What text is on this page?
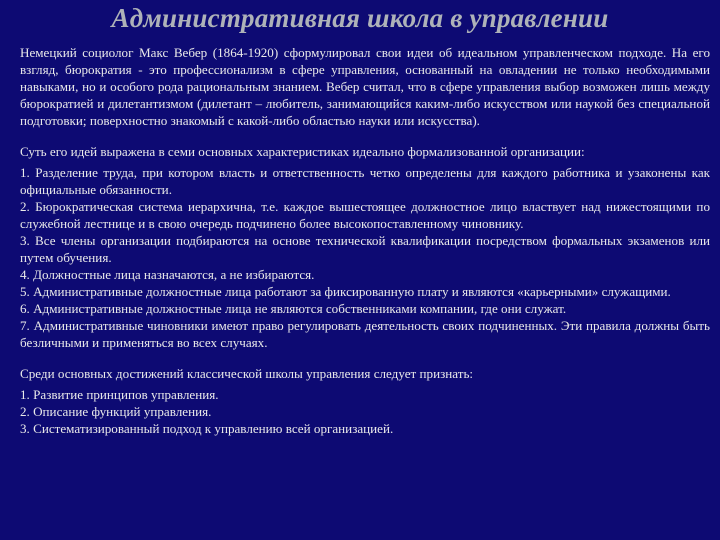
Административная школа в управлении

Немецкий социолог Макс Вебер (1864-1920) сформулировал свои идеи об идеальном управленческом подходе. На его взгляд, бюрократия - это профессионализм в сфере управления, основанный на овладении не только необходимыми навыками, но и особого рода рациональным знанием. Вебер считал, что в сфере управления выбор возможен лишь между бюрократией и дилетантизмом (дилетант – любитель, занимающийся каким-либо искусством или наукой без специальной подготовки; поверхностно знакомый с какой-либо областью науки или искусства).

Суть его идей выражена в семи основных характеристиках идеально формализованной организации:

1. Разделение труда, при котором власть и ответственность четко определены для каждого работника и узаконены как официальные обязанности.

2. Бюрократическая система иерархична, т.е. каждое вышестоящее должностное лицо властвует над нижестоящими по служебной лестнице и в свою очередь подчинено более высокопоставленному чиновнику.

3. Все члены организации подбираются на основе технической квалификации посредством формальных экзаменов или путем обучения.

4. Должностные лица назначаются, а не избираются.

5. Административные должностные лица работают за фиксированную плату и являются «карьерными» служащими.

6. Административные должностные лица не являются собственниками компании, где они служат.

7. Административные чиновники имеют право регулировать деятельность своих подчиненных. Эти правила должны быть безличными и применяться во всех случаях.

Среди основных достижений классической школы управления следует признать:

1. Развитие принципов управления.

2. Описание функций управления.

3. Систематизированный подход к управлению всей организацией.
